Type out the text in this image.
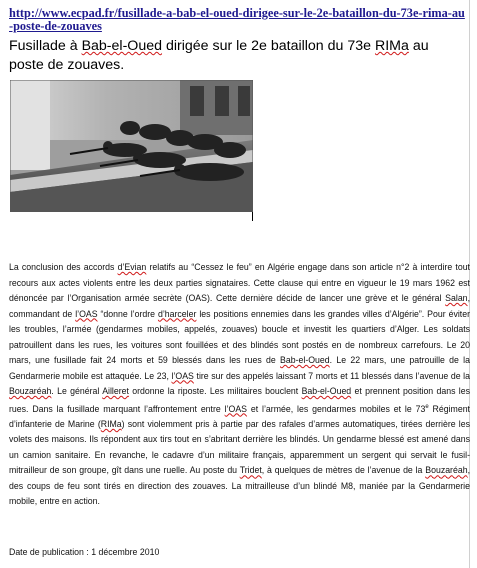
http://www.ecpad.fr/fusillade-a-bab-el-oued-dirigee-sur-le-2e-bataillon-du-73e-rima-au-poste-de-zouaves
Fusillade à Bab-el-Oued dirigée sur le 2e bataillon du 73e RIMa au poste de zouaves.

La conclusion des accords d’Evian relatifs au “Cessez le feu” en Algérie engage dans son article n°2 à interdire tout recours aux actes violents entre les deux parties signataires. Cette clause qui entre en vigueur le 19 mars 1962 est dénoncée par l’Organisation armée secrète (OAS). Cette dernière décide de lancer une grève et le général Salan, commandant de l’OAS “donne l’ordre d’harceler les positions ennemies dans les grandes villes d’Algérie”. Pour éviter les troubles, l’armée (gendarmes mobiles, appelés, zouaves) boucle et investit les quartiers d’Alger. Les soldats patrouillent dans les rues, les voitures sont fouillées et des blindés sont postés en de nombreux carrefours. Le 20 mars, une fusillade fait 24 morts et 59 blessés dans les rues de Bab-el-Oued. Le 22 mars, une patrouille de la Gendarmerie mobile est attaquée. Le 23, l’OAS tire sur des appelés laissant 7 morts et 11 blessés dans l’avenue de la Bouzaréah. Le général Ailleret ordonne la riposte. Les militaires bouclent Bab-el-Oued et prennent position dans les rues. Dans la fusillade marquant l’affrontement entre l’OAS et l’armée, les gendarmes mobiles et le 73e Régiment d’infanterie de Marine (RIMa) sont violemment pris à partie par des rafales d’armes automatiques, tirées derrière les volets des maisons. Ils répondent aux tirs tout en s’abritant derrière les blindés. Un gendarme blessé est amené dans un camion sanitaire. En revanche, le cadavre d’un militaire français, apparemment un sergent qui servait le fusil-mitrailleur de son groupe, gît dans une ruelle. Au poste du Tridet, à quelques de mètres de l’avenue de la Bouzaréah, des coups de feu sont tirés en direction des zouaves. La mitrailleuse d’un blindé M8, maniée par la Gendarmerie mobile, entre en action.

Date de publication : 1 décembre 2010
